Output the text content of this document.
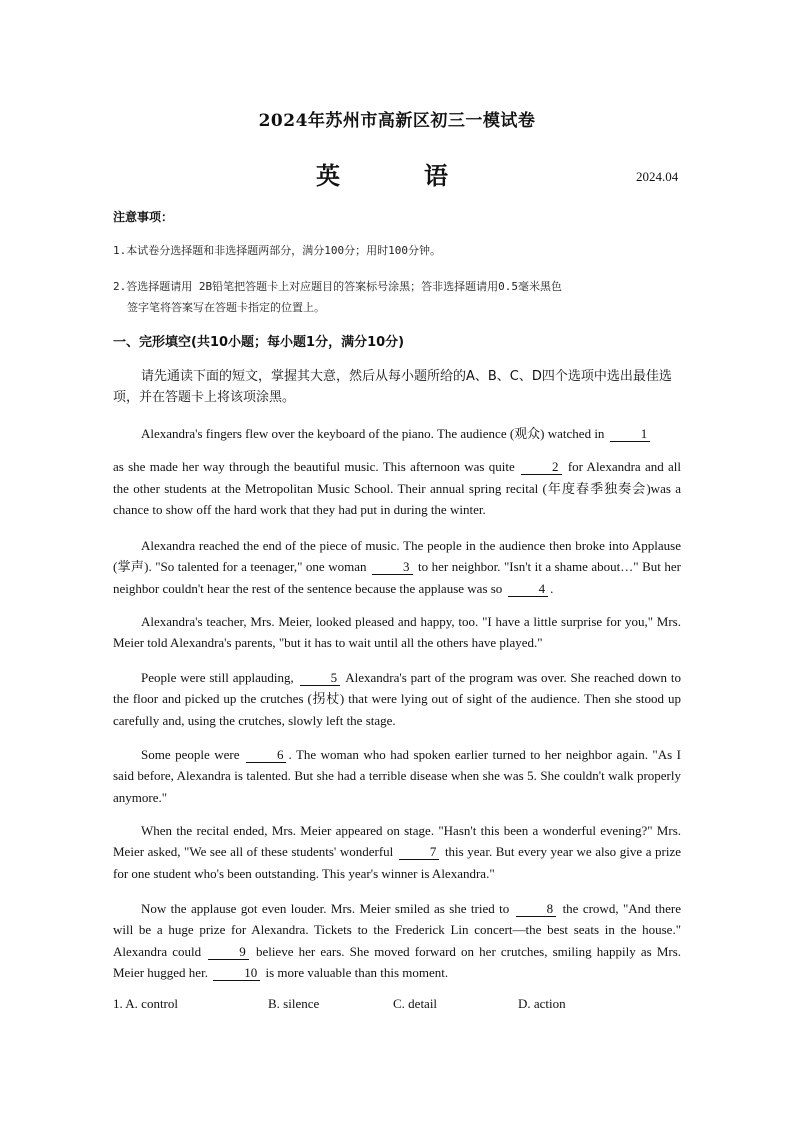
2024年苏州市高新区初三一模试卷
英　语	2024.04
注意事项：
1.本试卷分选择题和非选择题两部分，满分100分；用时100分钟。
2.答选择题请用 2B铅笔把答题卡上对应题目的答案标号涂黑；答非选择题请用0.5毫米黑色
签字笔将答案写在答题卡指定的位置上。
一、完形填空(共10小题；每小题1分，满分10分)
请先通读下面的短文，掌握其大意，然后从每小题所给的A、B、C、D四个选项中选出最佳选项，并在答题卡上将该项涂黑。
Alexandra's fingers flew over the keyboard of the piano. The audience (观众) watched in	1
as she made her way through the beautiful music. This afternoon was quite	2 for Alexandra and all the other students at the Metropolitan Music School. Their annual spring recital (年度春季独奏会)was a chance to show off the hard work that they had put in during the winter.
Alexandra reached the end of the piece of music. The people in the audience then broke into Applause (掌声). "So talented for a teenager," one woman	3 to her neighbor. "Isn't it a shame about…" But her neighbor couldn't hear the rest of the sentence because the applause was so	4 .
Alexandra's teacher, Mrs. Meier, looked pleased and happy, too. "I have a little surprise for you," Mrs. Meier told Alexandra's parents, "but it has to wait until all the others have played."
People were still applauding,	5 Alexandra's part of the program was over. She reached down to the floor and picked up the crutches (拐杖) that were lying out of sight of the audience. Then she stood up carefully and, using the crutches, slowly left the stage.
Some people were	6 . The woman who had spoken earlier turned to her neighbor again. "As I said before, Alexandra is talented. But she had a terrible disease when she was 5. She couldn't walk properly anymore."
When the recital ended, Mrs. Meier appeared on stage. "Hasn't this been a wonderful evening?" Mrs. Meier asked, "We see all of these students' wonderful	7 this year. But every year we also give a prize for one student who's been outstanding. This year's winner is Alexandra."
Now the applause got even louder. Mrs. Meier smiled as she tried to	8 the crowd, "And there will be a huge prize for Alexandra. Tickets to the Frederick Lin concert—the best seats in the house." Alexandra could	9 believe her ears. She moved forward on her crutches, smiling happily as Mrs. Meier hugged her.	10 is more valuable than this moment.
1. A. control	B. silence	C. detail	D. action
